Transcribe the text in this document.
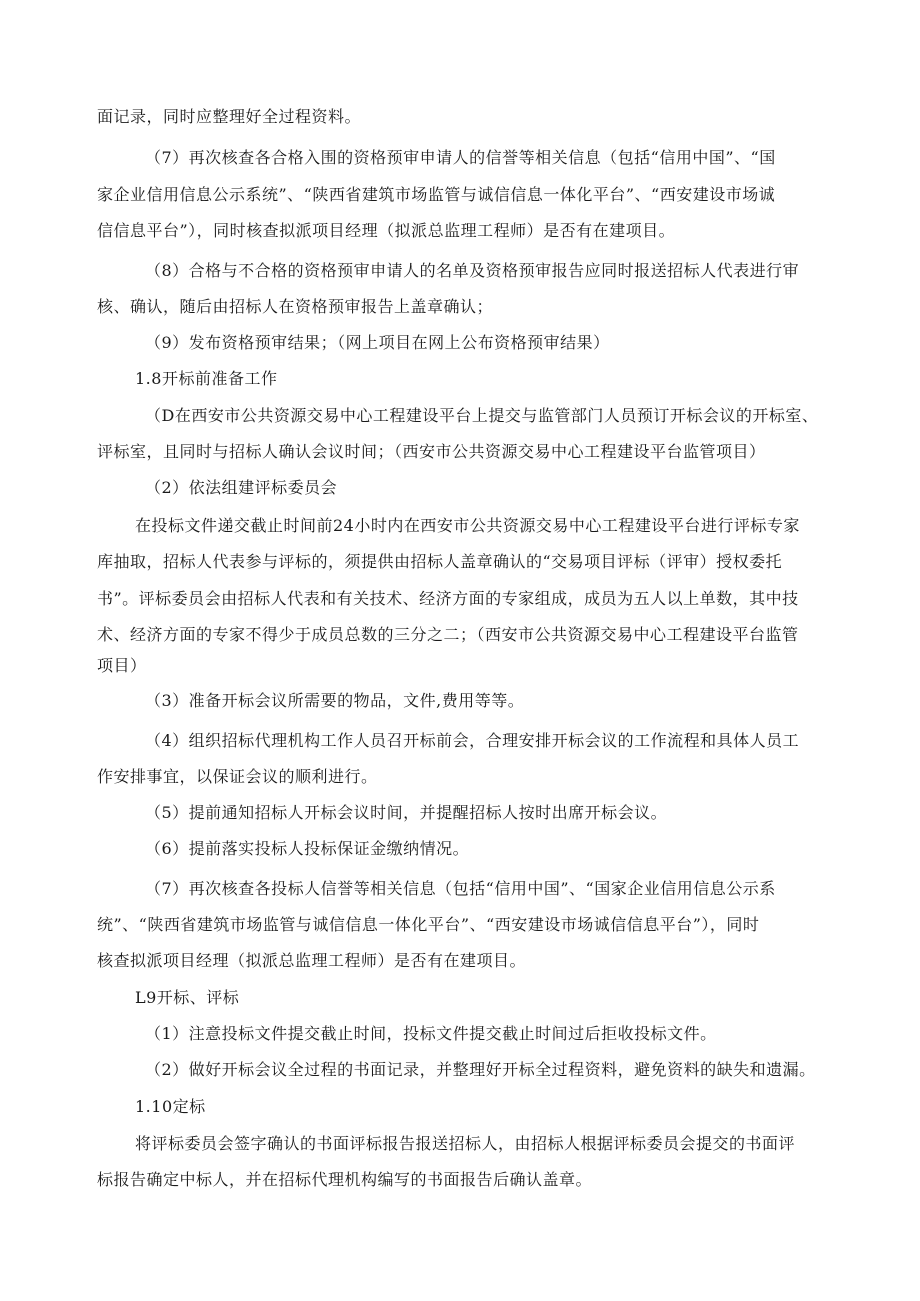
面记录，同时应整理好全过程资料。
（7）再次核查各合格入围的资格预审申请人的信誉等相关信息（包括“信用中国”、“国
家企业信用信息公示系统”、“陕西省建筑市场监管与诚信信息一体化平台”、“西安建设市场诚
信信息平台”），同时核查拟派项目经理（拟派总监理工程师）是否有在建项目。
（8）合格与不合格的资格预审申请人的名单及资格预审报告应同时报送招标人代表进行审
核、确认，随后由招标人在资格预审报告上盖章确认；
（9）发布资格预审结果；（网上项目在网上公布资格预审结果）
1.8开标前准备工作
（D在西安市公共资源交易中心工程建设平台上提交与监管部门人员预订开标会议的开标室、
评标室，且同时与招标人确认会议时间；（西安市公共资源交易中心工程建设平台监管项目）
（2）依法组建评标委员会
在投标文件递交截止时间前24小时内在西安市公共资源交易中心工程建设平台进行评标专家
库抽取，招标人代表参与评标的，须提供由招标人盖章确认的“交易项目评标（评审）授权委托
书”。评标委员会由招标人代表和有关技术、经济方面的专家组成，成员为五人以上单数，其中技
术、经济方面的专家不得少于成员总数的三分之二；（西安市公共资源交易中心工程建设平台监管
项目）
（3）准备开标会议所需要的物品，文件,费用等等。
（4）组织招标代理机构工作人员召开标前会，合理安排开标会议的工作流程和具体人员工
作安排事宜，以保证会议的顺利进行。
（5）提前通知招标人开标会议时间，并提醒招标人按时出席开标会议。
（6）提前落实投标人投标保证金缴纳情况。
（7）再次核查各投标人信誉等相关信息（包括“信用中国”、“国家企业信用信息公示系
统”、“陕西省建筑市场监管与诚信信息一体化平台”、“西安建设市场诚信信息平台”），同时
核查拟派项目经理（拟派总监理工程师）是否有在建项目。
L9开标、评标
（1）注意投标文件提交截止时间，投标文件提交截止时间过后拒收投标文件。
（2）做好开标会议全过程的书面记录，并整理好开标全过程资料，避免资料的缺失和遗漏。
1.10定标
将评标委员会签字确认的书面评标报告报送招标人，由招标人根据评标委员会提交的书面评
标报告确定中标人，并在招标代理机构编写的书面报告后确认盖章。
